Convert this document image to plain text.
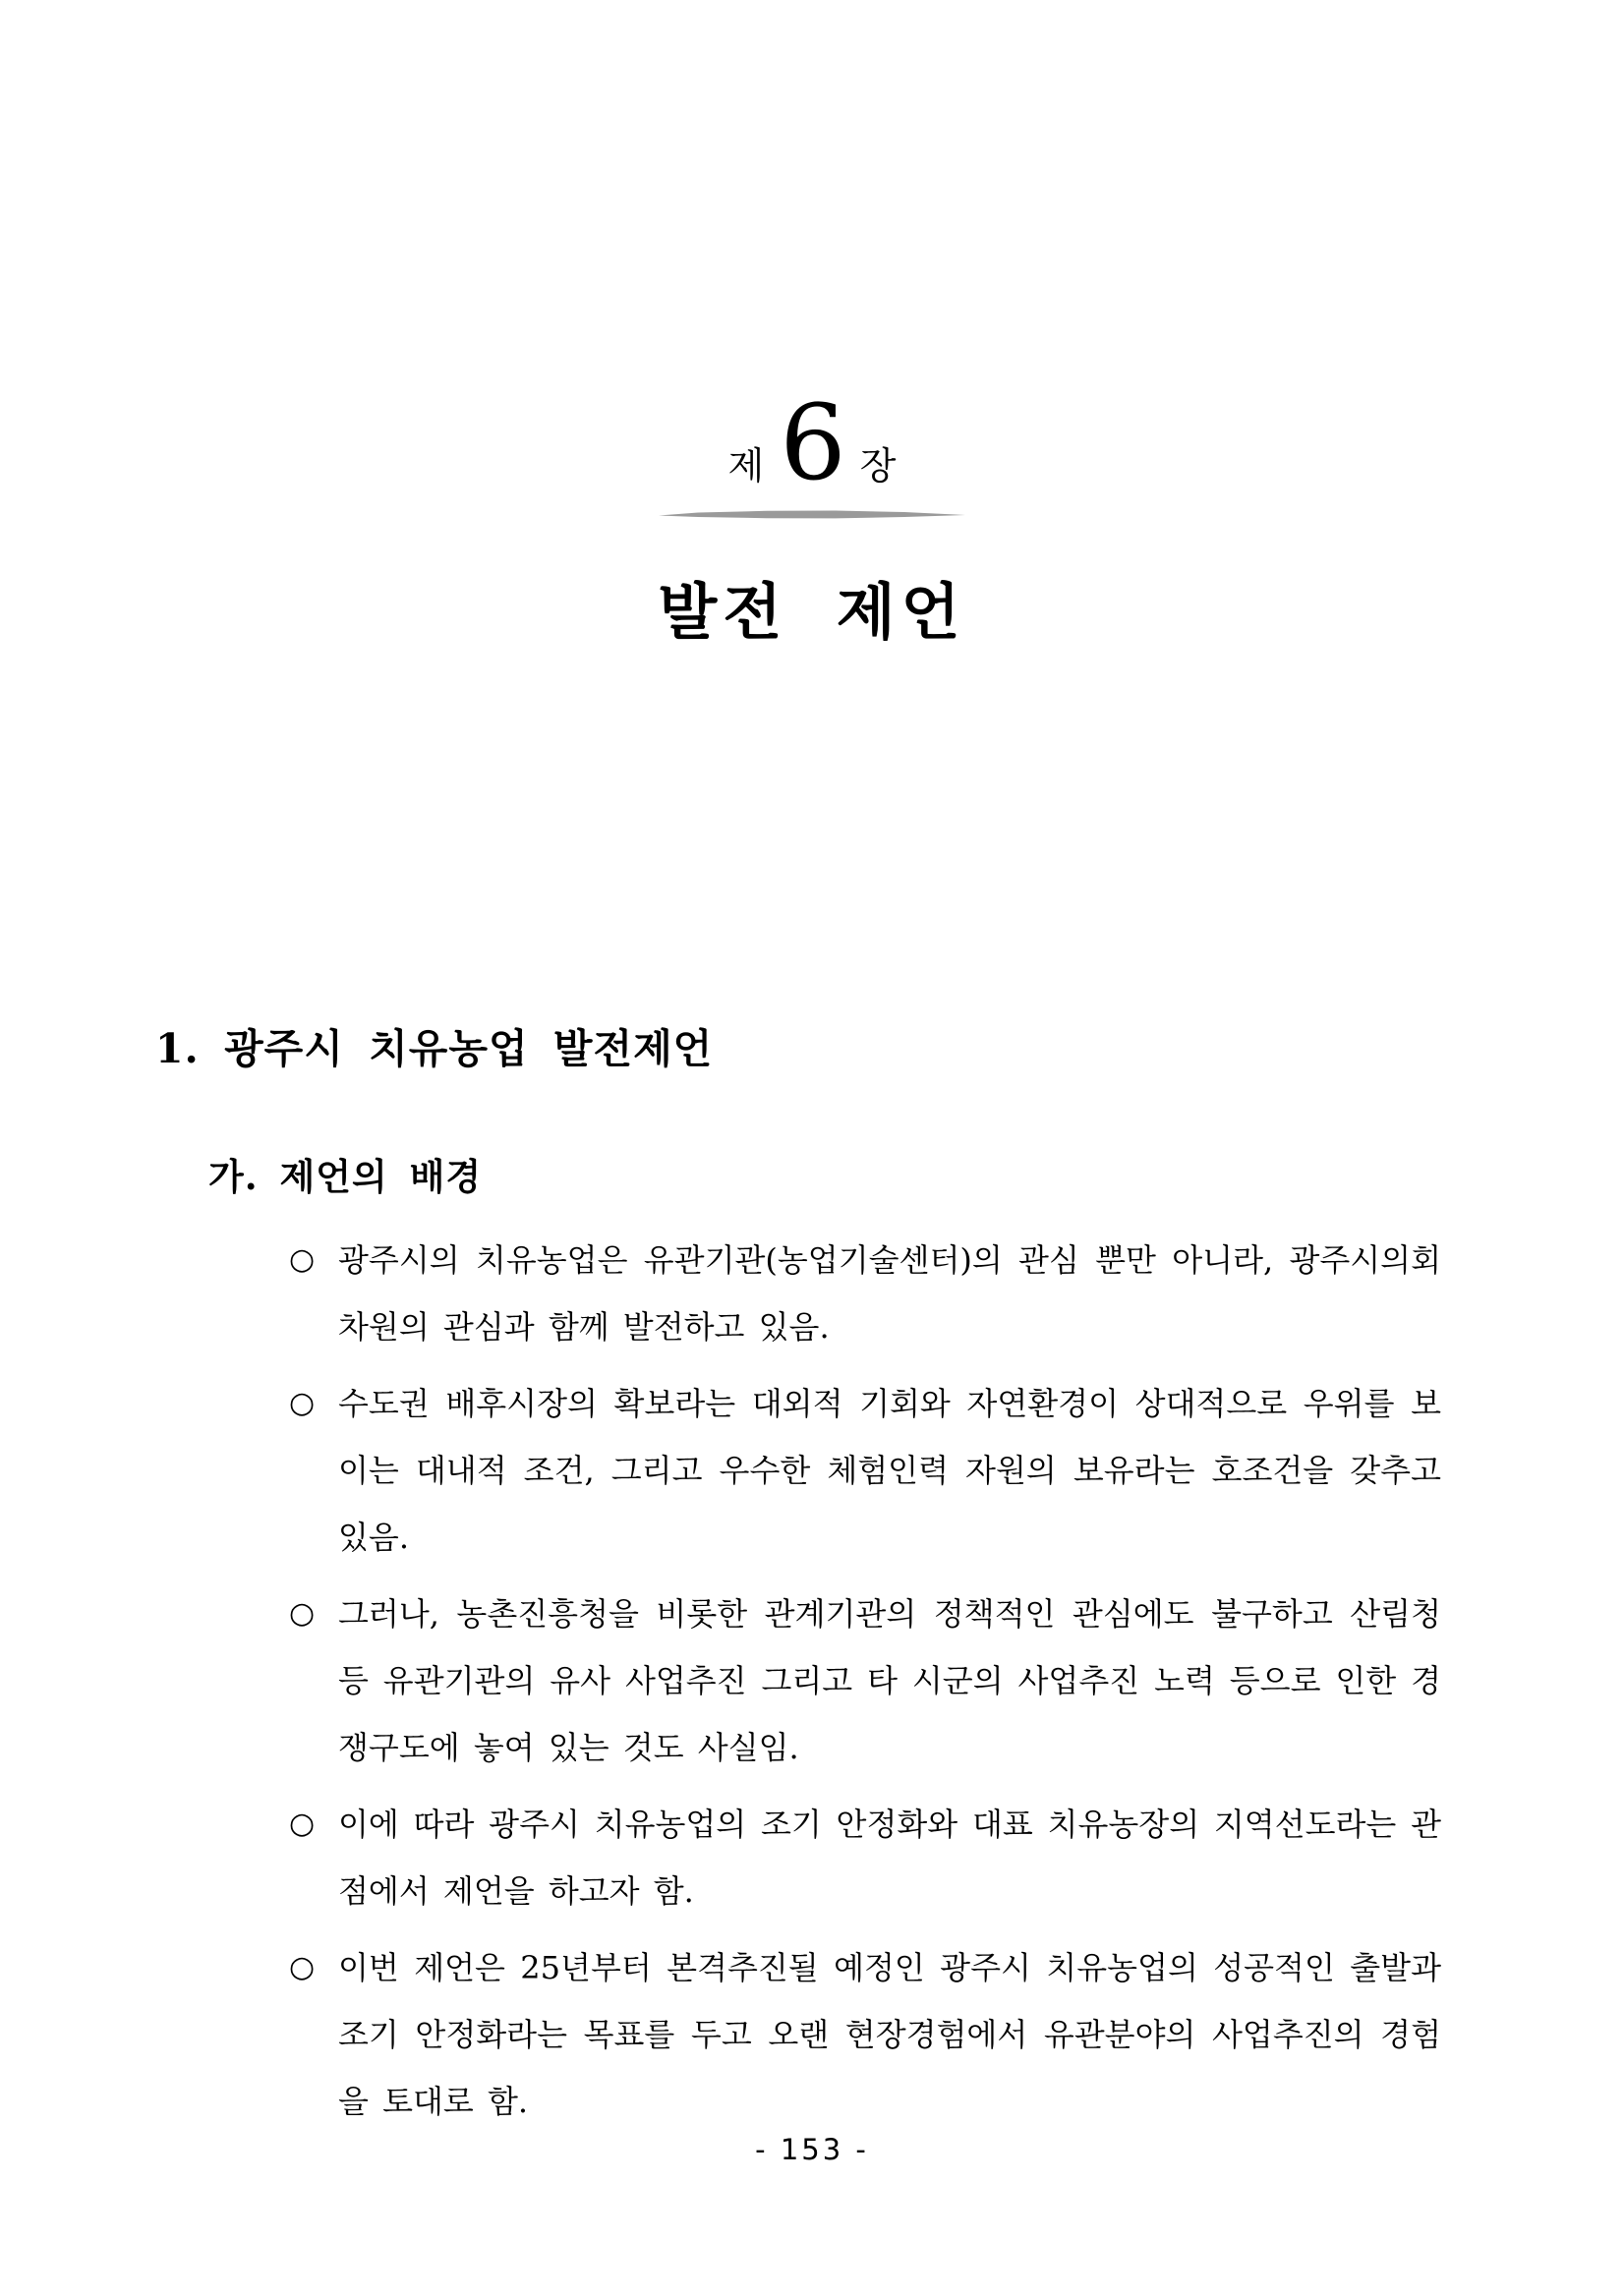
제 6 장
발전 제언
1. 광주시 치유농업 발전제언
가. 제언의 배경
○ 광주시의 치유농업은 유관기관(농업기술센터)의 관심 뿐만 아니라, 광주시의회 차원의 관심과 함께 발전하고 있음.
○ 수도권 배후시장의 확보라는 대외적 기회와 자연환경이 상대적으로 우위를 보이는 대내적 조건, 그리고 우수한 체험인력 자원의 보유라는 호조건을 갖추고 있음.
○ 그러나, 농촌진흥청을 비롯한 관계기관의 정책적인 관심에도 불구하고 산림청 등 유관기관의 유사 사업추진 그리고 타 시군의 사업추진 노력 등으로 인한 경쟁구도에 놓여 있는 것도 사실임.
○ 이에 따라 광주시 치유농업의 조기 안정화와 대표 치유농장의 지역선도라는 관점에서 제언을 하고자 함.
○ 이번 제언은 25년부터 본격추진될 예정인 광주시 치유농업의 성공적인 출발과 조기 안정화라는 목표를 두고 오랜 현장경험에서 유관분야의 사업추진의 경험을 토대로 함.
- 153 -
